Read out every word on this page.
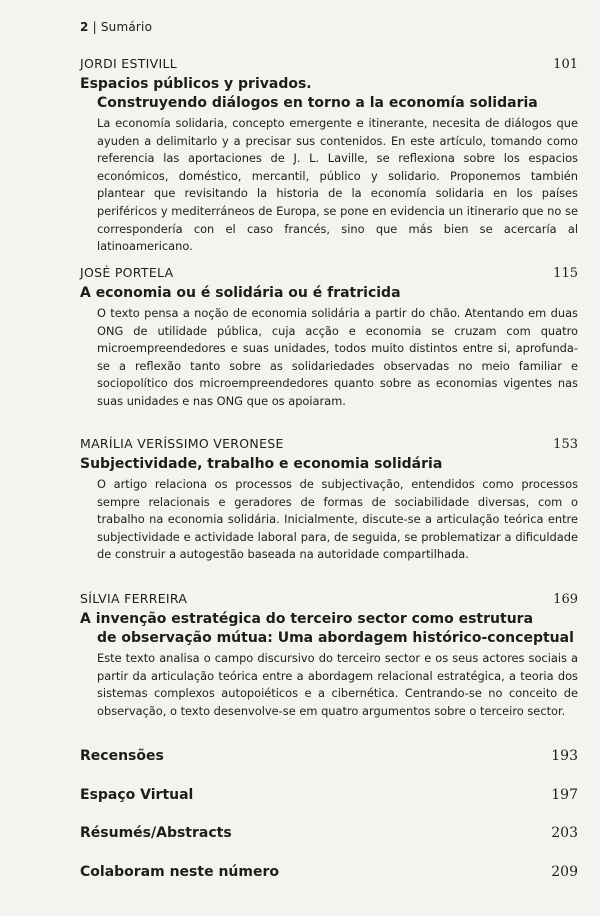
2 | Sumário
JORDI ESTIVILL	101
Espacios públicos y privados.
Construyendo diálogos en torno a la economía solidaria
La economía solidaria, concepto emergente e itinerante, necesita de diálogos que ayuden a delimitarlo y a precisar sus contenidos. En este artículo, tomando como referencia las aportaciones de J. L. Laville, se reflexiona sobre los espacios económicos, doméstico, mercantil, público y solidario. Proponemos también plantear que revisitando la historia de la economía solidaria en los países periféricos y mediterráneos de Europa, se pone en evidencia un itinerario que no se correspondería con el caso francés, sino que más bien se acercaría al latinoamericano.
JOSÉ PORTELA	115
A economia ou é solidária ou é fratricida
O texto pensa a noção de economia solidária a partir do chão. Atentando em duas ONG de utilidade pública, cuja acção e economia se cruzam com quatro microempreendedores e suas unidades, todos muito distintos entre si, aprofunda-se a reflexão tanto sobre as solidariedades observadas no meio familiar e sociopolítico dos microempreendedores quanto sobre as economias vigentes nas suas unidades e nas ONG que os apoiaram.
MARÍLIA VERÍSSIMO VERONESE	153
Subjectividade, trabalho e economia solidária
O artigo relaciona os processos de subjectivação, entendidos como processos sempre relacionais e geradores de formas de sociabilidade diversas, com o trabalho na economia solidária. Inicialmente, discute-se a articulação teórica entre subjectividade e actividade laboral para, de seguida, se problematizar a dificuldade de construir a autogestão baseada na autoridade compartilhada.
SÍLVIA FERREIRA	169
A invenção estratégica do terceiro sector como estrutura
de observação mútua: Uma abordagem histórico-conceptual
Este texto analisa o campo discursivo do terceiro sector e os seus actores sociais a partir da articulação teórica entre a abordagem relacional estratégica, a teoria dos sistemas complexos autopoiéticos e a cibernética. Centrando-se no conceito de observação, o texto desenvolve-se em quatro argumentos sobre o terceiro sector.
Recensões	193
Espaço Virtual	197
Résumés/Abstracts	203
Colaboram neste número	209
